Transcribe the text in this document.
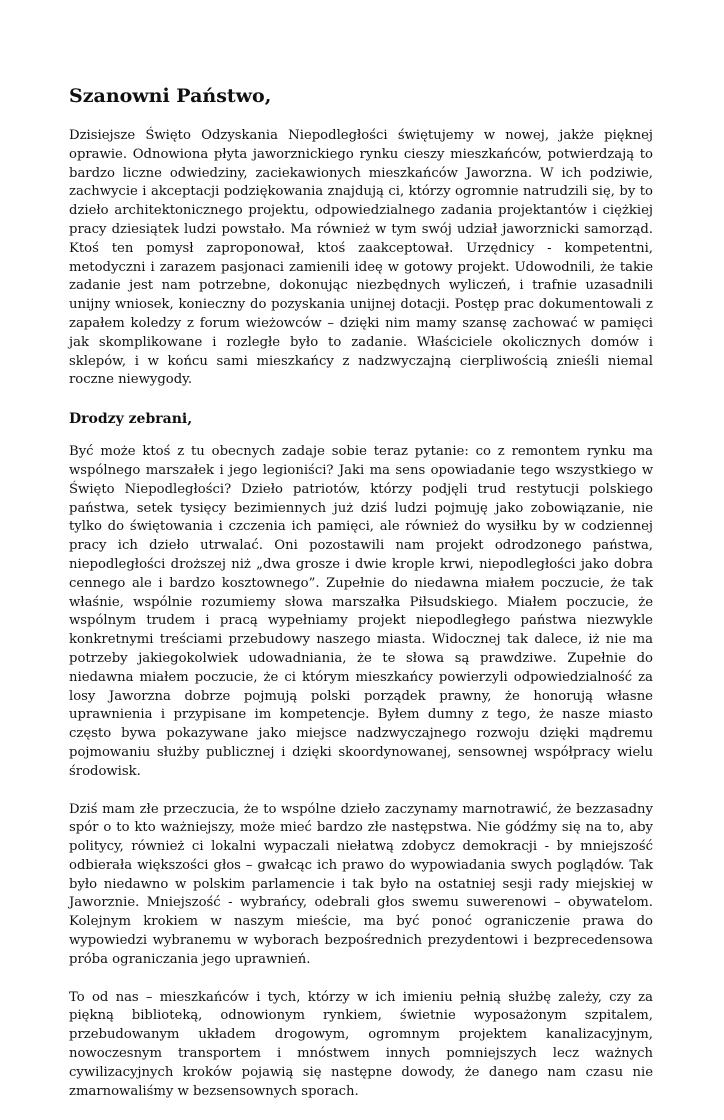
Szanowni Państwo,

Dzisiejsze Święto Odzyskania Niepodległości świętujemy w nowej, jakże pięknej oprawie. Odnowiona płyta jaworznickiego rynku cieszy mieszkańców, potwierdzają to bardzo liczne odwiedziny, zaciekawionych mieszkańców Jaworzna. W ich podziwie, zachwycie i akceptacji podziękowania znajdują ci, którzy ogromnie natrudzili się, by to dzieło architektonicznego projektu, odpowiedzialnego zadania projektantów i ciężkiej pracy dziesiątek ludzi powstało. Ma również w tym swój udział jaworznicki samorząd. Ktoś ten pomysł zaproponował, ktoś zaakceptował. Urzędnicy - kompetentni, metodyczni i zarazem pasjonaci zamienili ideę w gotowy projekt. Udowodnili, że takie zadanie jest nam potrzebne, dokonując niezbędnych wyliczeń, i trafnie uzasadnili unijny wniosek, konieczny do pozyskania unijnej dotacji. Postęp prac dokumentowali z zapałem koledzy z forum wieżowców – dzięki nim mamy szansę zachować w pamięci jak skomplikowane i rozległe było to zadanie. Właściciele okolicznych domów i sklepów, i w końcu sami mieszkańcy z nadzwyczajną cierpliwością znieśli niemal roczne niewygody.

Drodzy zebrani,

Być może ktoś z tu obecnych zadaje sobie teraz pytanie: co z remontem rynku ma wspólnego marszałek i jego legioniści? Jaki ma sens opowiadanie tego wszystkiego w Święto Niepodległości? Dzieło patriotów, którzy podjęli trud restytucji polskiego państwa, setek tysięcy bezimiennych już dziś ludzi pojmuję jako zobowiązanie, nie tylko do świętowania i czczenia ich pamięci, ale również do wysiłku by w codziennej pracy ich dzieło utrwalać. Oni pozostawili nam projekt odrodzonego państwa, niepodległości droższej niż „dwa grosze i dwie krople krwi, niepodległości jako dobra cennego ale i bardzo kosztownego”. Zupełnie do niedawna miałem poczucie, że tak właśnie, wspólnie rozumiemy słowa marszałka Piłsudskiego. Miałem poczucie, że wspólnym trudem i pracą wypełniamy projekt niepodległego państwa niezwykle konkretnymi treściami przebudowy naszego miasta. Widocznej tak dalece, iż nie ma potrzeby jakiegokolwiek udowadniania, że te słowa są prawdziwe. Zupełnie do niedawna miałem poczucie, że ci którym mieszkańcy powierzyli odpowiedzialność za losy Jaworzna dobrze pojmują polski porządek prawny, że honorują własne uprawnienia i przypisane im kompetencje. Byłem dumny z tego, że nasze miasto często bywa pokazywane jako miejsce nadzwyczajnego rozwoju dzięki mądremu pojmowaniu służby publicznej i dzięki skoordynowanej, sensownej współpracy wielu środowisk.

Dziś mam złe przeczucia, że to wspólne dzieło zaczynamy marnotrawić, że bezzasadny spór o to kto ważniejszy, może mieć bardzo złe następstwa. Nie gódźmy się na to, aby politycy, również ci lokalni wypaczali niełatwą zdobycz demokracji - by mniejszość odbierała większości głos – gwałcąc ich prawo do wypowiadania swych poglądów. Tak było niedawno w polskim parlamencie i tak było na ostatniej sesji rady miejskiej w Jaworznie. Mniejszość - wybrańcy, odebrali głos swemu suwerenowi – obywatelom. Kolejnym krokiem w naszym mieście, ma być ponoć ograniczenie prawa do wypowiedzi wybranemu w wyborach bezpośrednich prezydentowi i bezprecedensowa próba ograniczania jego uprawnień.

To od nas – mieszkańców i tych, którzy w ich imieniu pełnią służbę zależy, czy za piękną biblioteką, odnowionym rynkiem, świetnie wyposażonym szpitalem, przebudowanym układem drogowym, ogromnym projektem kanalizacyjnym, nowoczesnym transportem i mnóstwem innych pomniejszych lecz ważnych cywilizacyjnych kroków pojawią się następne dowody, że danego nam czasu nie zmarnowaliśmy w bezsensownych sporach.
